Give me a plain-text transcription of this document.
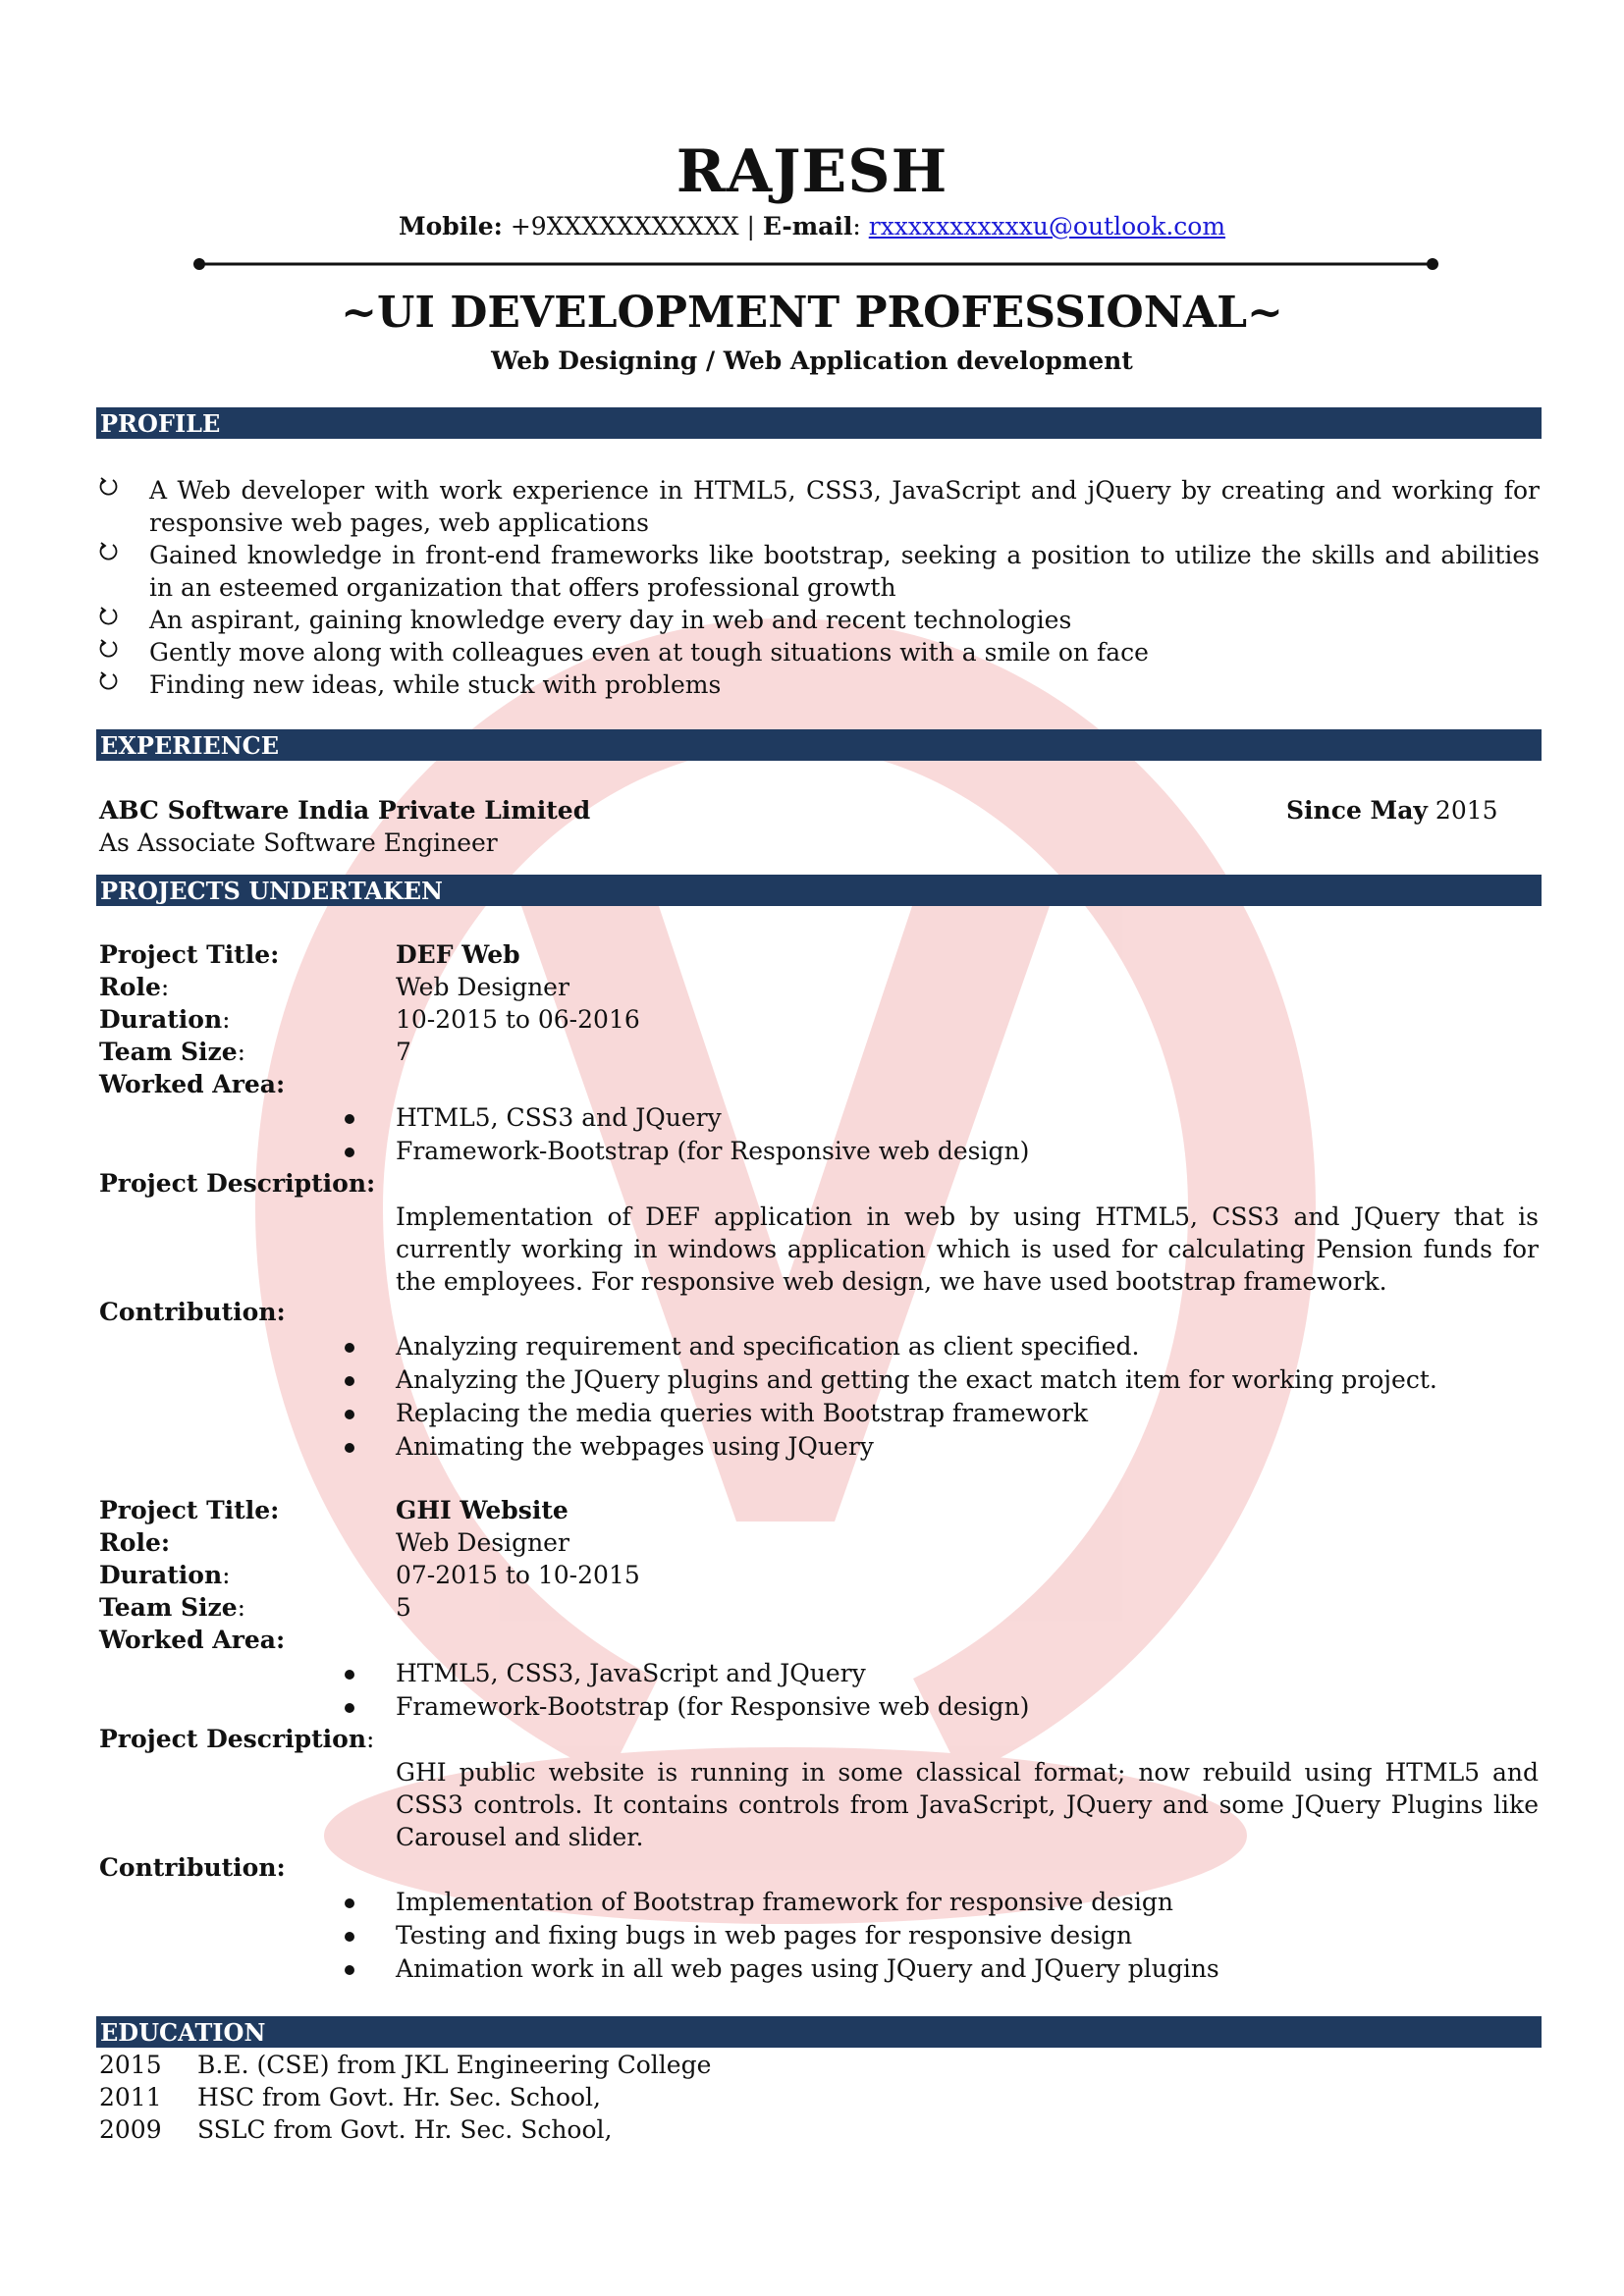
RAJESH
Mobile: +9XXXXXXXXXXX | E-mail: rxxxxxxxxxxxu@outlook.com
~UI DEVELOPMENT PROFESSIONAL~
Web Designing / Web Application development
PROFILE
A Web developer with work experience in HTML5, CSS3, JavaScript and jQuery by creating and working for responsive web pages, web applications
Gained knowledge in front-end frameworks like bootstrap, seeking a position to utilize the skills and abilities in an esteemed organization that offers professional growth
An aspirant, gaining knowledge every day in web and recent technologies
Gently move along with colleagues even at tough situations with a smile on face
Finding new ideas, while stuck with problems
EXPERIENCE
ABC Software India Private Limited	Since May 2015
As Associate Software Engineer
PROJECTS UNDERTAKEN
Project Title:	DEF Web
Role:	Web Designer
Duration:	10-2015 to 06-2016
Team Size:	7
Worked Area:
HTML5, CSS3 and JQuery
Framework-Bootstrap (for Responsive web design)
Project Description:
Implementation of DEF application in web by using HTML5, CSS3 and JQuery that is currently working in windows application which is used for calculating Pension funds for the employees. For responsive web design, we have used bootstrap framework.
Contribution:
Analyzing requirement and specification as client specified.
Analyzing the JQuery plugins and getting the exact match item for working project.
Replacing the media queries with Bootstrap framework
Animating the webpages using JQuery
Project Title:	GHI Website
Role:	Web Designer
Duration:	07-2015 to 10-2015
Team Size:	5
Worked Area:
HTML5, CSS3, JavaScript and JQuery
Framework-Bootstrap (for Responsive web design)
Project Description:
GHI public website is running in some classical format; now rebuild using HTML5 and CSS3 controls. It contains controls from JavaScript, JQuery and some JQuery Plugins like Carousel and slider.
Contribution:
Implementation of Bootstrap framework for responsive design
Testing and fixing bugs in web pages for responsive design
Animation work in all web pages using JQuery and JQuery plugins
EDUCATION
2015 B.E. (CSE) from JKL Engineering College
2011 HSC from Govt. Hr. Sec. School,
2009 SSLC from Govt. Hr. Sec. School,
